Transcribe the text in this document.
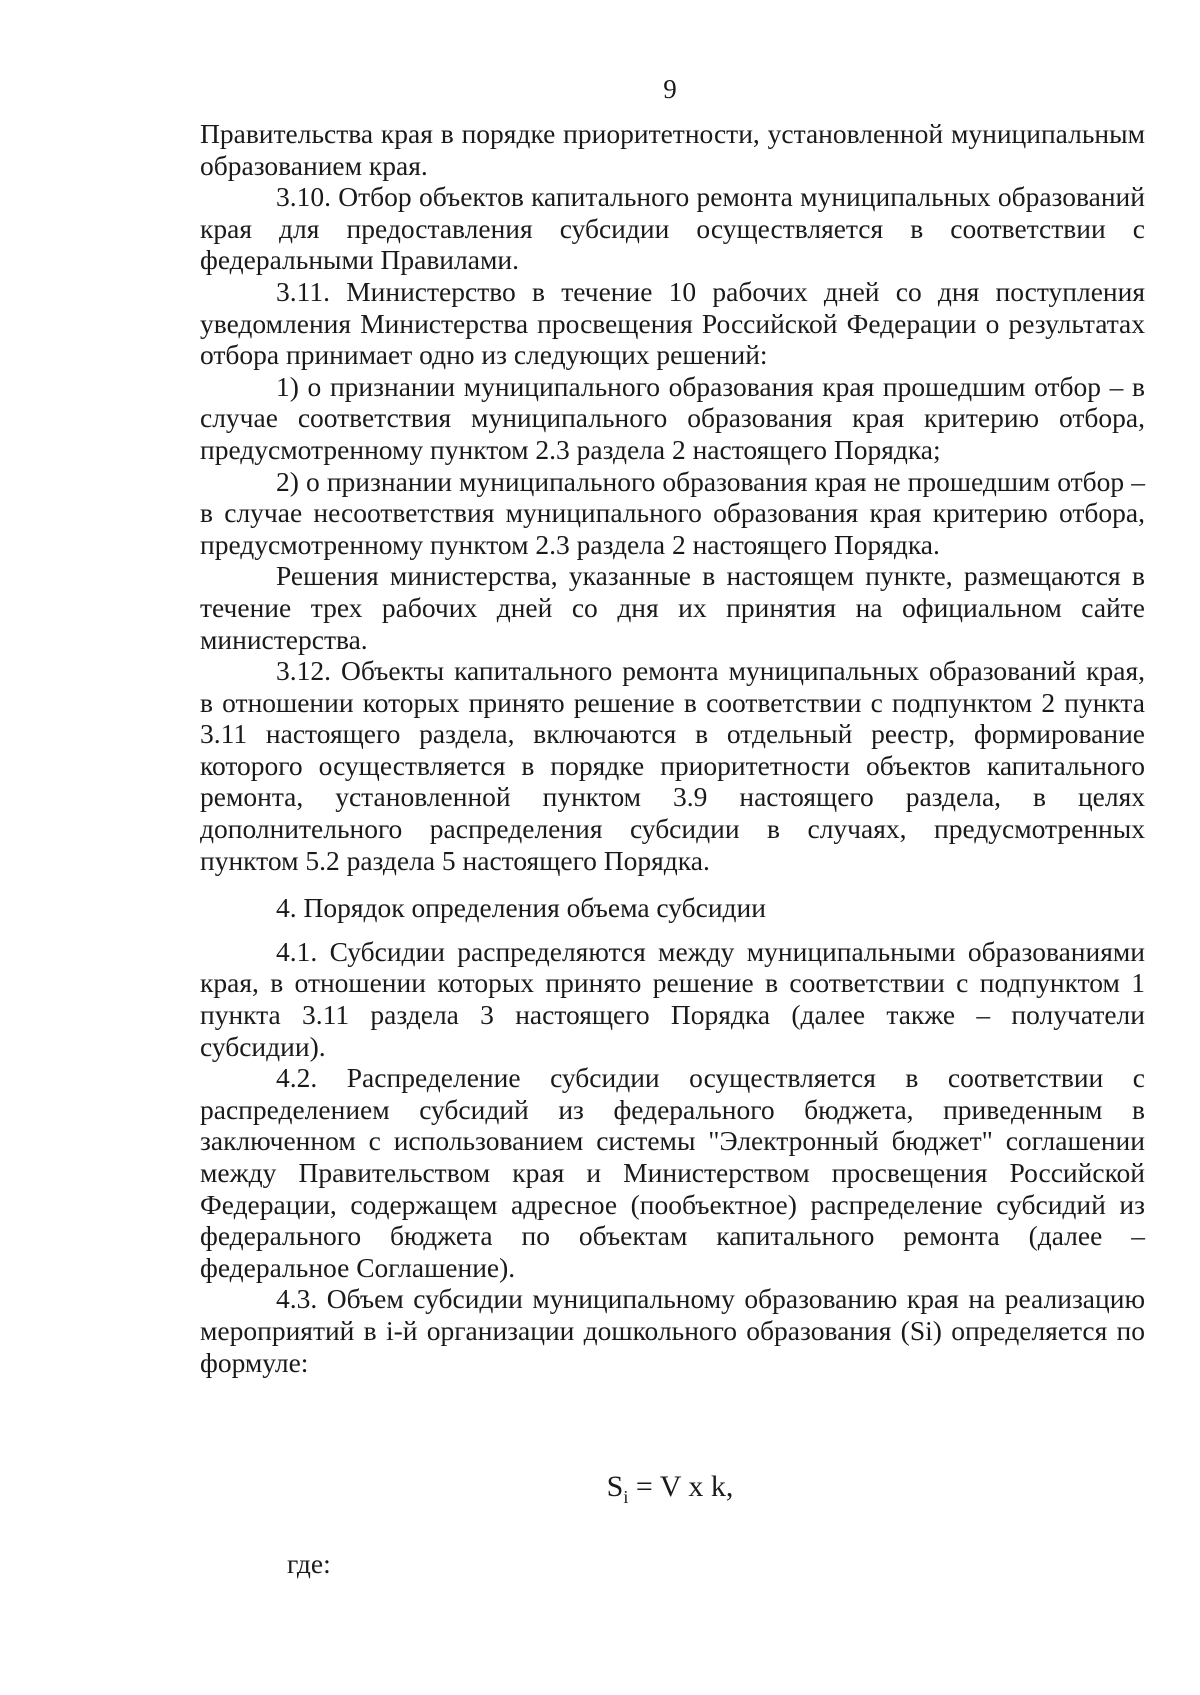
9

Правительства края в порядке приоритетности, установленной муниципальным образованием края.

3.10. Отбор объектов капитального ремонта муниципальных образований края для предоставления субсидии осуществляется в соответствии с федеральными Правилами.

3.11. Министерство в течение 10 рабочих дней со дня поступления уведомления Министерства просвещения Российской Федерации о результатах отбора принимает одно из следующих решений:

1) о признании муниципального образования края прошедшим отбор – в случае соответствия муниципального образования края критерию отбора, предусмотренному пунктом 2.3 раздела 2 настоящего Порядка;

2) о признании муниципального образования края не прошедшим отбор – в случае несоответствия муниципального образования края критерию отбора, предусмотренному пунктом 2.3 раздела 2 настоящего Порядка.

Решения министерства, указанные в настоящем пункте, размещаются в течение трех рабочих дней со дня их принятия на официальном сайте министерства.

3.12. Объекты капитального ремонта муниципальных образований края, в отношении которых принято решение в соответствии с подпунктом 2 пункта 3.11 настоящего раздела, включаются в отдельный реестр, формирование которого осуществляется в порядке приоритетности объектов капитального ремонта, установленной пунктом 3.9 настоящего раздела, в целях дополнительного распределения субсидии в случаях, предусмотренных пунктом 5.2 раздела 5 настоящего Порядка.

4. Порядок определения объема субсидии

4.1. Субсидии распределяются между муниципальными образованиями края, в отношении которых принято решение в соответствии с подпунктом 1 пункта 3.11 раздела 3 настоящего Порядка (далее также – получатели субсидии).

4.2. Распределение субсидии осуществляется в соответствии с распределением субсидий из федерального бюджета, приведенным в заключенном с использованием системы "Электронный бюджет" соглашении между Правительством края и Министерством просвещения Российской Федерации, содержащем адресное (пообъектное) распределение субсидий из федерального бюджета по объектам капитального ремонта (далее – федеральное Соглашение).

4.3. Объем субсидии муниципальному образованию края на реализацию мероприятий в i-й организации дошкольного образования (Si) определяется по формуле:

$S_i = V$ x k,
где:
